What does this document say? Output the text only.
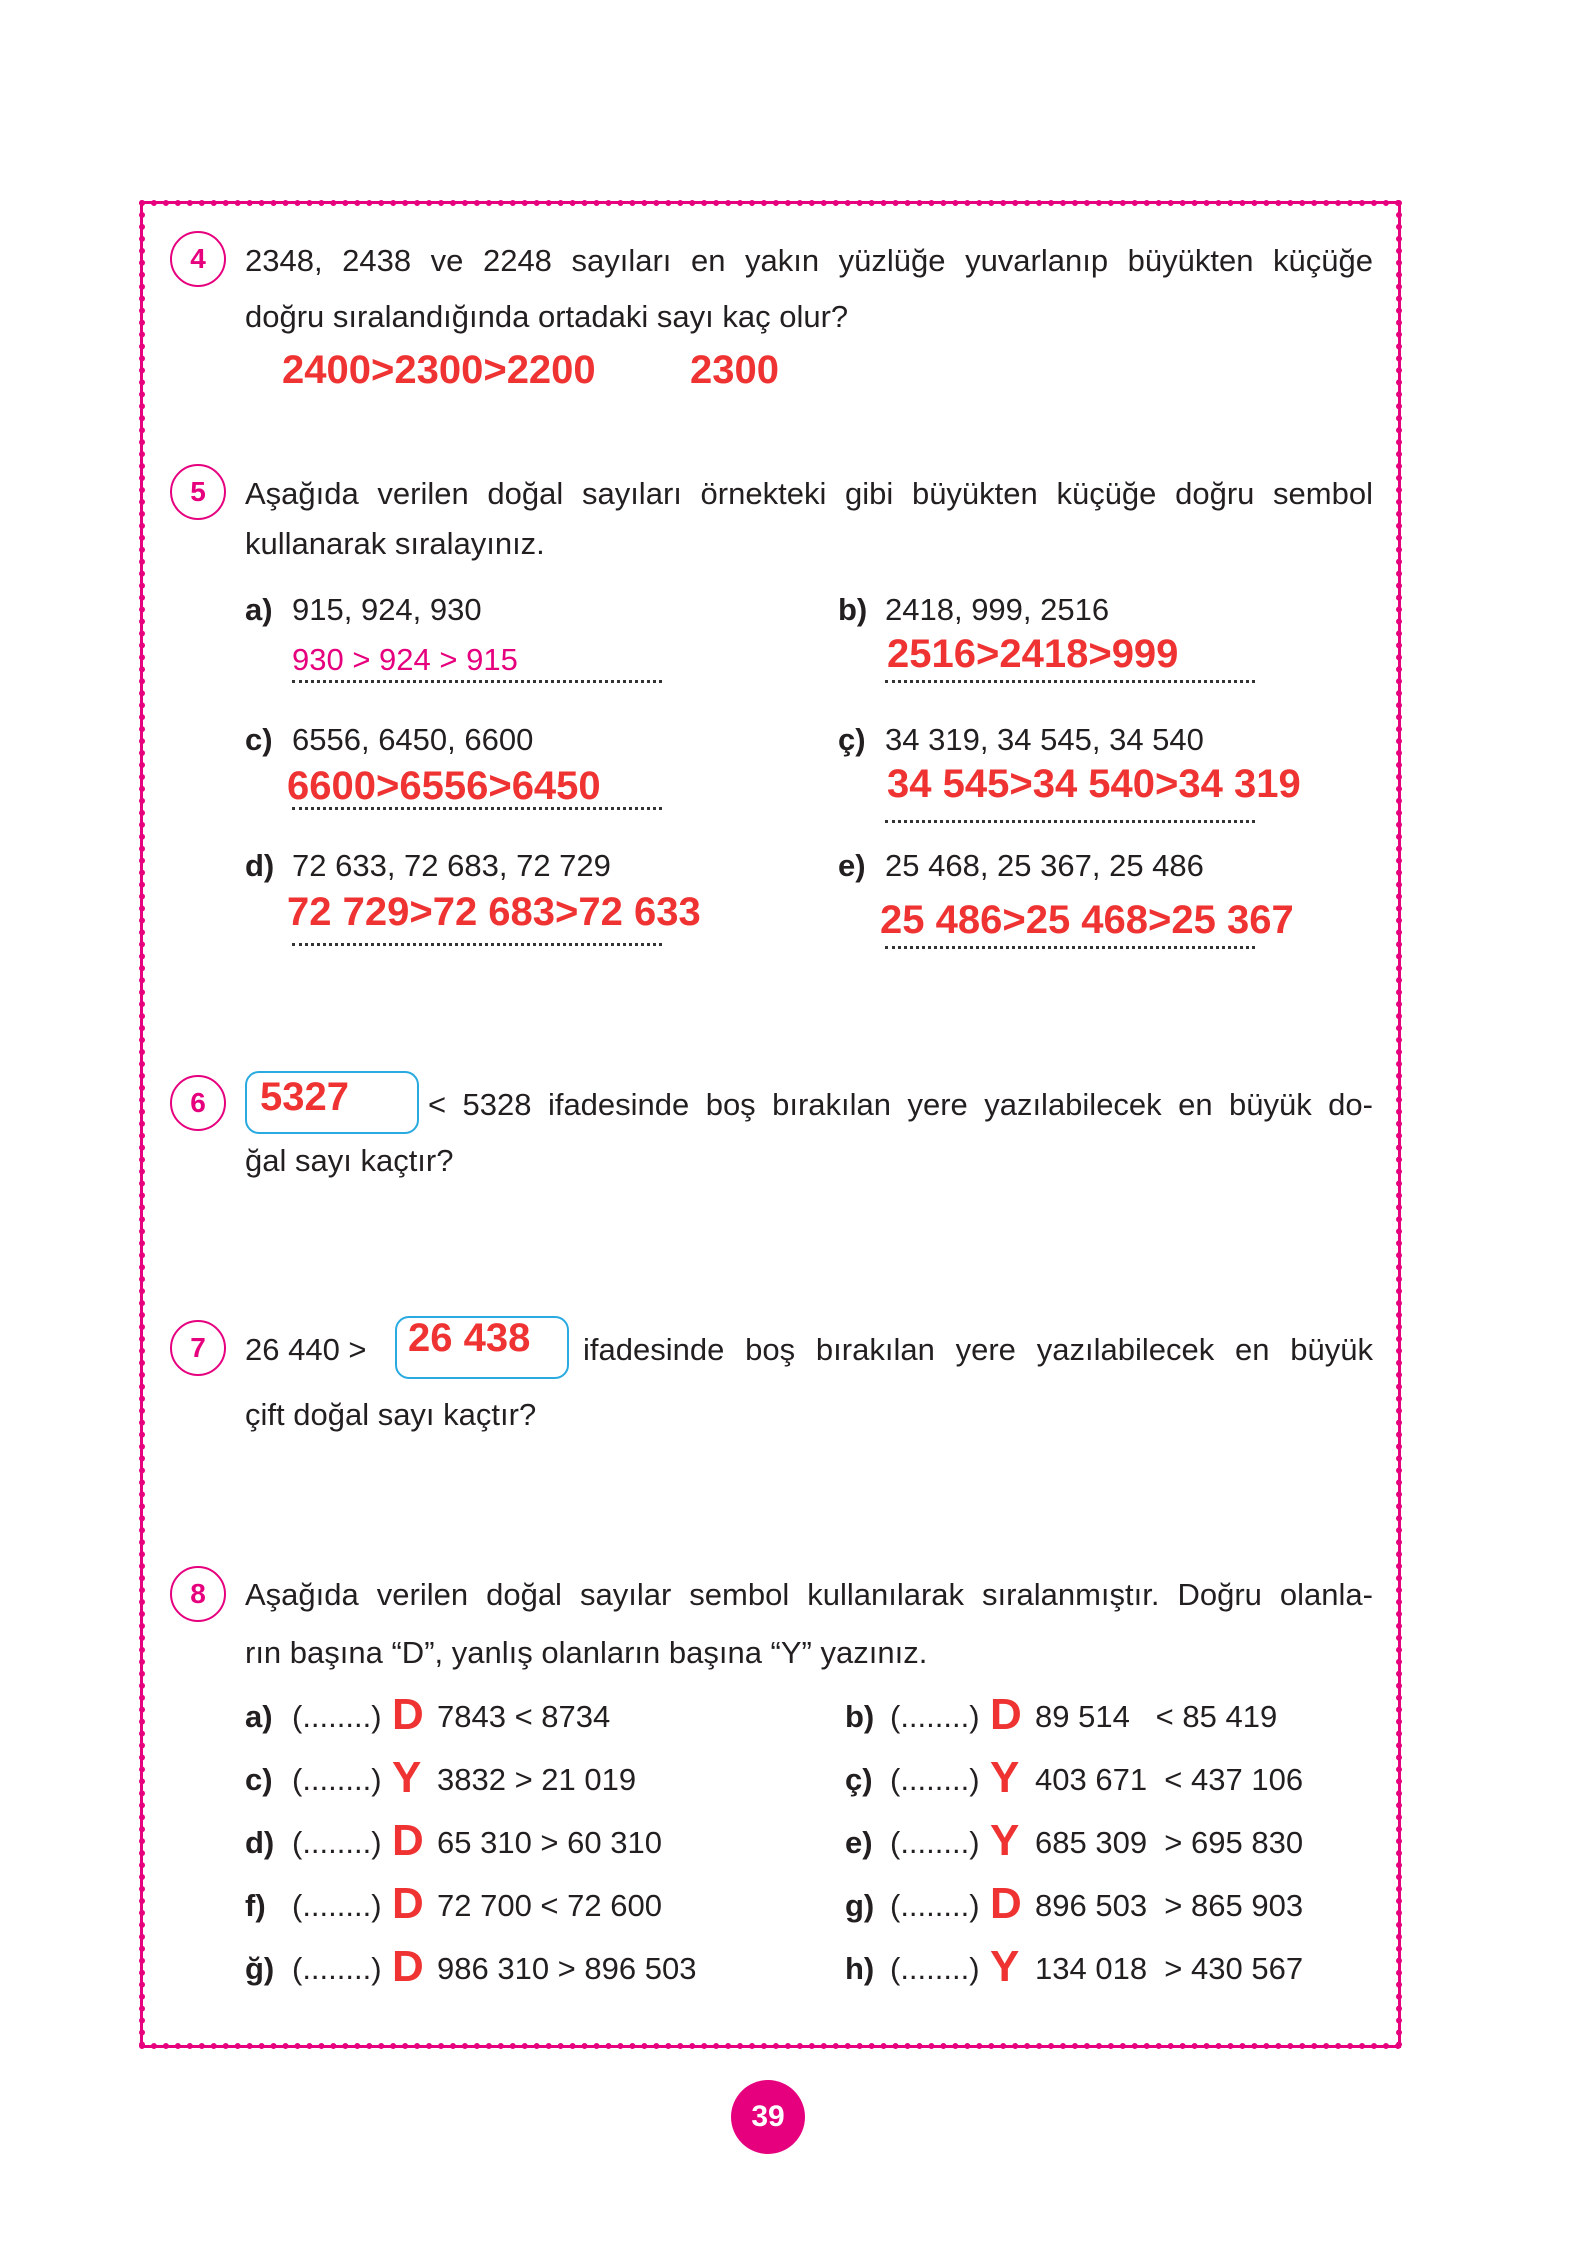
4	2348, 2438 ve 2248 sayıları en yakın yüzlüğe yuvarlanıp büyükten küçüğe
doğru sıralandığında ortadaki sayı kaç olur?
2400>2300>2200 2300
5	Aşağıda verilen doğal sayıları örnekteki gibi büyükten küçüğe doğru sembol
kullanarak sıralayınız.
a) 915, 924, 930
930 > 924 > 915
b) 2418, 999, 2516
2516>2418>999
c) 6556, 6450, 6600
6600>6556>6450
ç) 34 319, 34 545, 34 540
34 545>34 540>34 319
d) 72 633, 72 683, 72 729
72 729>72 683>72 633
e) 25 468, 25 367, 25 486
25 486>25 468>25 367
6	5327	< 5328 ifadesinde boş bırakılan yere yazılabilecek en büyük do-
ğal sayı kaçtır?
7	26 440 > 26 438 ifadesinde boş bırakılan yere yazılabilecek en büyük
çift doğal sayı kaçtır?
8	Aşağıda verilen doğal sayılar sembol kullanılarak sıralanmıştır. Doğru olanla-
rın başına “D”, yanlış olanların başına “Y” yazınız.
a) (........) D 7843 < 8734	b) (........) D 89 514   < 85 419
c) (........) Y 3832 > 21 019	ç) (........) Y 403 671  < 437 106
d) (........) D 65 310 > 60 310	e) (........) Y 685 309  > 695 830
f) (........) D 72 700 < 72 600	g) (........) D 896 503  > 865 903
ğ) (........) D 986 310 > 896 503	h) (........) Y 134 018  > 430 567
39
